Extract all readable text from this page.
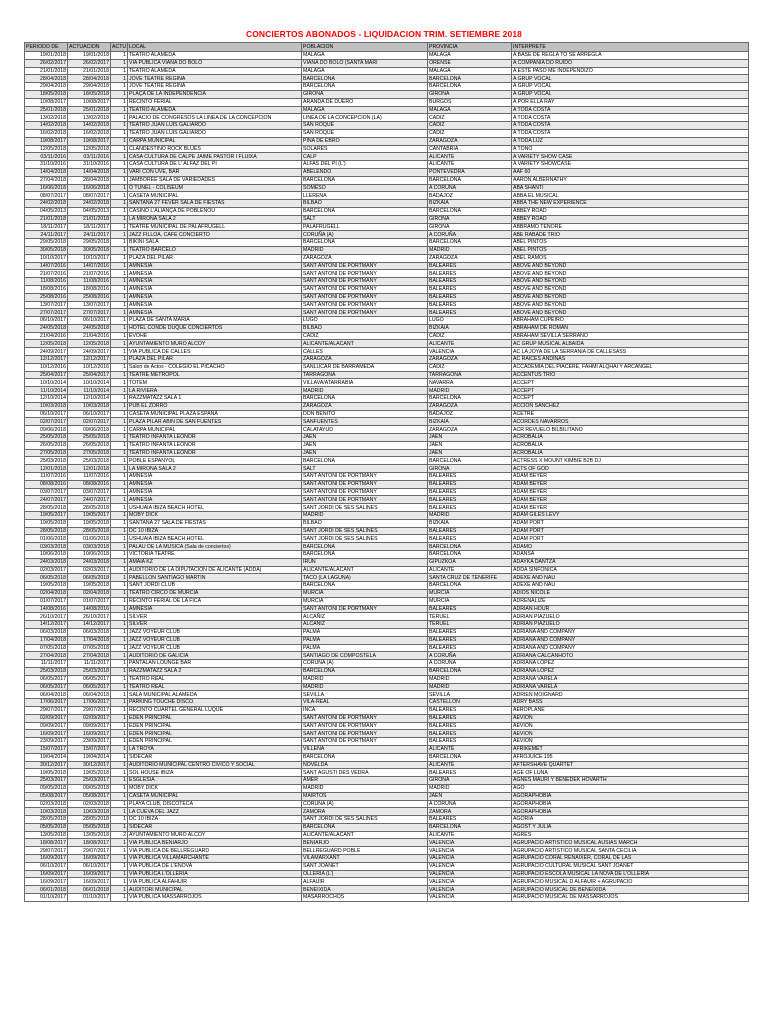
CONCIERTOS ABONADOS - LIQUIDACION TRIM. SETIEMBRE 2018
PERIODO DE	ACTUACION	ACTU	LOCAL	POBLACION	PROVINCIA	INTERPRETE
19/01/2018	19/01/2018	1	TEATRO ALAMEDA	MALAGA	MALAGA	A BASE DE REGLA TO SE ARREGLA
26/02/2017	26/02/2017	1	VIA PUBLICA VIANA DO BOLO	VIANA DO BOLO (SANTA MARI	ORENSE	A COMPAÑIA DO RUIDO
21/01/2018	21/01/2018	1	TEATRO ALAMEDA	MALAGA	MALAGA	A ESTE PASO ME INDEPENDIZO
28/04/2018	28/04/2018	1	JOVE TEATRE REGINA	BARCELONA	BARCELONA	A GRUP VOCAL
29/04/2018	29/04/2018	1	JOVE TEATRE REGINA	BARCELONA	BARCELONA	A GRUP VOCAL
18/05/2018	18/05/2018	1	PLAÇA DE LA INDEPENDÈNCIA	GIRONA	GIRONA	A GRUP VOCAL
10/08/2017	10/08/2017	1	RECINTO FERIAL	ARANDA DE DUERO	BURGOS	A POR ELLA RAY
25/01/2018	25/01/2018	1	TEATRO ALAMEDA	MALAGA	MALAGA	A TODA COSTA
13/02/2018	13/02/2018	1	PALACIO DE CONGRESOS LA LINEA DE LA CONCEPCION	LINEA DE LA CONCEPCION (LA)	CADIZ	A TODA COSTA
14/02/2018	14/02/2018	1	TEATRO JUAN LUIS GALIARDO	SAN ROQUE	CADIZ	A TODA COSTA
16/02/2018	16/02/2018	1	TEATRO JUAN LUIS GALIARDO	SAN ROQUE	CADIZ	A TODA COSTA
19/08/2017	19/08/2017	1	CARPA MUNICIPAL	PINA DE EBRO	ZARAGOZA	A TODA LUZ
12/05/2018	12/05/2018	1	CLANDESTINO ROCK BLUES	SOLARES	CANTABRIA	A TONO
03/11/2016	03/11/2016	1	CASA CULTURA DE CALPE JAIME PASTOR I FLUIXA	CALP	ALICANTE	A VARIETY SHOW CASE
31/10/2016	31/10/2016	1	CASA CULTURA DE L' ALFAZ DEL PI	ALFAS DEL PI (L')	ALICANTE	A VARIETY SHOWCASE
14/04/2018	14/04/2018	1	VARI CON UVE, BAR	ABELENDO	PONTEVEDRA	AAF 60
27/04/2018	28/04/2018	1	JAMBOREE SALA DE VARIEDADES	BARCELONA	BARCELONA	AARON ALBERNATHY
16/06/2018	16/06/2018	1	O TUNEL - COLISEUM	SOMESO	A CORUÑA	ABA SHANTI
08/07/2017	08/07/2017	1	CASETA MUNICIPAL	LLERENA	BADAJOZ	ABBA EL MUSICAL
24/02/2018	24/02/2018	1	SANTANA 27 FEVER SALA DE FIESTAS	BILBAO	BIZKAIA	ABBA THE NEW EXPERIENCE
04/05/2013	04/05/2013	1	CASINO L'ALIANÇA DE POBLENOU	BARCELONA	BARCELONA	ABBEY ROAD
21/01/2018	21/01/2018	1	LA MIRONA SALA 2	SALT	GIRONA	ABBEY ROAD
18/11/2017	18/11/2017	1	TEATRE MUNICIPAL DE PALAFRUGELL	PALAFRUGELL	GIRONA	ABBRAMO TENORE
24/11/2017	24/11/2017	1	JAZZ FILLOA, CAFE CONCIERTO	CORUÑA (A)	A CORUÑA	ABE RABADE TRIO
29/05/2018	29/05/2018	1	BIKINI SALA	BARCELONA	BARCELONA	ABEL PINTOS
30/05/2018	30/05/2018	1	TEATRO BARCELO	MADRID	MADRID	ABEL PINTOS
10/10/2017	10/10/2017	1	PLAZA DEL PILAR	ZARAGOZA	ZARAGOZA	ABEL RAMOS
14/07/2016	14/07/2016	1	AMNESIA	SANT ANTONI DE PORTMANY	BALEARES	ABOVE AND BEYOND
21/07/2016	21/07/2016	1	AMNESIA	SANT ANTONI DE PORTMANY	BALEARES	ABOVE AND BEYOND
11/08/2016	11/08/2016	1	AMNESIA	SANT ANTONI DE PORTMANY	BALEARES	ABOVE AND BEYOND
18/08/2016	18/08/2016	1	AMNESIA	SANT ANTONI DE PORTMANY	BALEARES	ABOVE AND BEYOND
25/08/2016	25/08/2016	1	AMNESIA	SANT ANTONI DE PORTMANY	BALEARES	ABOVE AND BEYOND
13/07/2017	13/07/2017	1	AMNESIA	SANT ANTONI DE PORTMANY	BALEARES	ABOVE AND BEYOND
27/07/2017	27/07/2017	1	AMNESIA	SANT ANTONI DE PORTMANY	BALEARES	ABOVE AND BEYOND
06/10/2017	06/10/2017	1	PLAZA DE SANTA MARIA	LUGO	LUGO	ABRAHAM CUPEIRO
24/05/2018	24/05/2018	1	HOTEL CONDE DUQUE CONCIERTOS	BILBAO	BIZKAIA	ABRAHAM DE ROMAN
21/04/2016	21/04/2016	1	EVOHÉ	CADIZ	CADIZ	ABRAHAM SEVILLA SERRANO
12/05/2018	12/05/2018	1	AYUNTAMIENTO MURO ALCOY	ALICANTE/ALACANT	ALICANTE	AC GRUP MUSICAL ALBAIDA
24/09/2017	24/09/2017	1	VIA PUBLICA DE CALLES	CALLES	VALENCIA	AC LA JOYA DE LA SERRANIA DE CALLESASS
12/12/2017	12/12/2017	1	PLAZA DEL PILAR	ZARAGOZA	ZARAGOZA	AC RAICES ANDINAS
10/12/2016	10/12/2016	1	Salon de Actos - COLEGIO EL PICACHO	SANLUCAR DE BARRAMEDA	CADIZ	ACCADEMIA DEL PIACERE, FAHMI ALQHAI Y ARCANGEL
25/04/2017	25/04/2017	1	TEATRE METROPOL	TARRAGONA	TARRAGONA	ACCENTUS TRIO
10/10/2014	10/10/2014	1	TOTEM	VILLAVA/ATARRABIA	NAVARRA	ACCEPT
11/10/2014	11/10/2014	1	LA RIVIERA	MADRID	MADRID	ACCEPT
12/10/2014	12/10/2014	1	RAZZMATAZZ SALA 1	BARCELONA	BARCELONA	ACCEPT
10/03/2018	10/03/2018	1	PUB EL ZORRO	ZARAGOZA	ZARAGOZA	ACCION SANCHEZ
06/10/2017	06/10/2017	1	CASETA MUNICIPAL PLAZA ESPAÑA	DON BENITO	BADAJOZ	ACETRE
02/07/2017	02/07/2017	1	PLAZA PILAR ABIN DE SAN FUENTES	SANFUENTES	BIZKAIA	ACORDES NAVARROS
09/06/2018	09/06/2018	1	CARPA MUNICIPAL	CALATAYUD	ZARAGOZA	ACR REVUELO BILBILITANO
25/05/2018	25/05/2018	1	TEATRO INFANTA LEONOR	JAEN	JAÉN	ACROBALIA
26/05/2018	26/05/2018	1	TEATRO INFANTA LEONOR	JAEN	JAÉN	ACROBALIA
27/05/2018	27/05/2018	1	TEATRO INFANTA LEONOR	JAEN	JAÉN	ACROBALIA
25/03/2018	25/03/2018	1	POBLE ESPANYOL	BARCELONA	BARCELONA	ACTRESS X MOUNT KIMBIE B2B DJ
12/01/2018	12/01/2018	1	LA MIRONA SALA 2	SALT	GIRONA	ACTS OF GOD
11/07/2016	11/07/2016	1	AMNESIA	SANT ANTONI DE PORTMANY	BALEARES	ADAM BEYER
08/08/2016	08/08/2016	1	AMNESIA	SANT ANTONI DE PORTMANY	BALEARES	ADAM BEYER
03/07/2017	03/07/2017	1	AMNESIA	SANT ANTONI DE PORTMANY	BALEARES	ADAM BEYER
24/07/2017	24/07/2017	1	AMNESIA	SANT ANTONI DE PORTMANY	BALEARES	ADAM BEYER
28/05/2018	28/05/2018	1	USHUAIA IBIZA BEACH HOTEL	SANT JORDI DE SES SALINES	BALEARES	ADAM BEYER
19/05/2017	19/05/2017	1	MOBY DICK	MADRID	MADRID	ADAM GILES LEVY
19/05/2018	19/05/2018	1	SANTANA 27 SALA DE FIESTAS	BILBAO	BIZKAIA	ADAM PORT
28/05/2018	28/05/2018	1	DC 10 IBIZA	SANT JORDI DE SES SALINES	BALEARES	ADAM PORT
01/06/2018	01/06/2018	1	USHUAIA IBIZA BEACH HOTEL	SANT JORDI DE SES SALINES	BALEARES	ADAM PORT
03/03/2018	03/03/2018	1	PALAU DE LA MUSICA (Sala de conciertos)	BARCELONA	BARCELONA	ADAMO
10/06/2018	10/06/2018	1	VICTORIA TEATRE	BARCELONA	BARCELONA	ADANSA
24/03/2018	24/03/2018	1	AMAIA KZ	IRUN	GIPUZKOA	ADAYKA DANTZA
02/03/2017	02/03/2017	1	AUDITORIO DE LA DIPUTACION DE ALICANTE (ADDA)	ALICANTE/ALACANT	ALICANTE	ADDA SINFONICA
06/05/2018	06/05/2018	1	PABELLON SANTIAGO MARTIN	TACO (LA LAGUNA)	SANTA CRUZ DE TENERIFE	ADEXE AND NAU
19/05/2018	19/05/2018	1	SANT JORDI CLUB	BARCELONA	BARCELONA	ADEXE AND NAU
02/04/2018	02/04/2018	1	TEATRO CIRCO DE MURCIA	MURCIA	MURCIA	ADIOS NICOLE
01/07/2017	01/07/2017	1	RECINTO FERIAL DE LA FICA	MURCIA	MURCIA	ADRENALIZE
14/08/2016	14/08/2016	1	AMNESIA	SANT ANTONI DE PORTMANY	BALEARES	ADRIAN HOUR
26/10/2017	26/10/2017	1	SILVER	ALCAÑIZ	TERUEL	ADRIAN PIAZUELO
14/12/2017	14/12/2017	1	SILVER	ALCAÑIZ	TERUEL	ADRIAN PIAZUELO
06/03/2018	06/03/2018	1	JAZZ VOYEUR CLUB	PALMA	BALEARES	ADRIANA AND COMPANY
17/04/2018	17/04/2018	1	JAZZ VOYEUR CLUB	PALMA	BALEARES	ADRIANA AND COMPANY
07/05/2018	07/05/2018	1	JAZZ VOYEUR CLUB	PALMA	BALEARES	ADRIANA AND COMPANY
27/04/2018	27/04/2018	1	AUDITORIO DE GALICIA	SANTIAGO DE COMPOSTELA	A CORUÑA	ADRIANA CALCANHOTO
11/11/2017	11/11/2017	1	PANTALAN LOUNGE BAR	CORUÑA (A)	A CORUÑA	ADRIANA LOPEZ
25/03/2018	25/03/2018	1	RAZZMATAZZ SALA 2	BARCELONA	BARCELONA	ADRIANA LOPEZ
06/05/2017	06/05/2017	1	TEATRO REAL	MADRID	MADRID	ADRIANA VARELA
06/05/2017	06/05/2017	1	TEATRO REAL	MADRID	MADRID	ADRIANA VARELA
06/04/2018	06/04/2018	1	SALA MUNICIPAL ALAMEDA	SEVILLA	SEVILLA	ADRIEN MOIGNARD
17/06/2017	17/06/2017	1	PARKING TOUCHE DISCO.	VILA-REAL	CASTELLON	ADRY BASS
29/07/2017	29/07/2017	1	RECINTO CUARTEL GENERAL LUQUE	INCA	BALEARES	AEROPLANE
02/09/2017	02/09/2017	1	EDEN PRINCIPAL	SANT ANTONI DE PORTMANY	BALEARES	AEVION
09/09/2017	09/09/2017	1	EDEN PRINCIPAL	SANT ANTONI DE PORTMANY	BALEARES	AEVION
16/09/2017	16/09/2017	1	EDEN PRINCIPAL	SANT ANTONI DE PORTMANY	BALEARES	AEVION
23/09/2017	23/09/2017	1	EDEN PRINCIPAL	SANT ANTONI DE PORTMANY	BALEARES	AEVION
15/07/2017	15/07/2017	1	LA TROYA	VILLENA	ALICANTE	AFRIKEMET
19/04/2014	19/04/2014	1	SIDECAR	BARCELONA	BARCELONA	AFROJUICE 195
30/12/2017	30/12/2017	1	AUDITORIO MUNICIPAL CENTRO CIVICO Y SOCIAL	NOVELDA	ALICANTE	AFTERSHAVE QUARTET
19/05/2018	19/05/2018	1	SOL HOUSE IBIZA	SANT AGUSTI DES VEDRA	BALEARES	AGE OF LUNA
25/03/2017	25/03/2017	1	ESGLÉSIA	AMER	GIRONA	AGNES MAURI Y BENEDEK HOVARTH
09/05/2018	09/05/2018	1	MOBY DICK	MADRID	MADRID	AGO
05/08/2017	05/08/2017	1	CASETA MUNICIPAL	MAIRTOS	JAÉN	AGORAPHOBIA
02/03/2018	02/03/2018	1	PLAYA CLUB, DISCOTECA	CORUÑA (A)	A CORUÑA	AGORAPHOBIA
10/03/2018	10/03/2018	1	LA CUEVA DEL JAZZ	ZAMORA	ZAMORA	AGORAPHOBIA
28/05/2018	28/05/2018	1	DC 10 IBIZA	SANT JORDI DE SES SALINES	BALEARES	AGORIA
05/05/2018	05/05/2018	1	SIDECAR	BARCELONA	BARCELONA	AGOST Y JULIA
13/05/2018	13/05/2018	2	AYUNTAMIENTO MURO ALCOY	ALICANTE/ALACANT	ALICANTE	AGRES
18/08/2017	18/08/2017	1	VIA PUBLICA BENIARJO	BENIARJO	VALENCIA	AGRUPACIO ARTISTICO MUSICAL AUSIAS MARCH
29/07/2017	29/07/2017	1	VIA PUBLICA DE BELLREGUARD	BELLREGUARD POBLE	VALENCIA	AGRUPACIO ARTISTICO MUSICAL SANTA CECILIA
16/09/2017	16/09/2017	1	VIA PUBLICA VILLAMARCHANTE	VILAMARXANT	VALENCIA	AGRUPACIO CORAL RENAIXER, CORAL DE LAS
06/10/2017	06/10/2017	1	VIA PUBLICA DE L'ENOVA	SANT JOANET	VALENCIA	AGRUPACIO CULTURAL MUSICAL SANT JOANET
16/09/2017	16/09/2017	1	VIA PUBLICA L'OLLERIA	OLLERIA (L')	VALENCIA	AGRUPACIO ESCOLA MUSICAL LA NOVA DE L'OLLERIA
16/09/2017	16/09/2017	1	VIA PUBLICA ALFAHUIR	ALFAUIR	VALENCIA	AGRUPACIO MUSICAL D ALFAUIR + AGRUPACIO
06/01/2018	06/01/2018	1	AUDITORI MUNICIPAL	BENEIXIDA	VALENCIA	AGRUPACIO MUSICAL DE BENEIXIDA
01/10/2017	01/10/2017	1	VIA PUBLICA MASSARROJOS	MASARROCHOS	VALENCIA	AGRUPACIO MUSICAL DE MASSARROJOS
